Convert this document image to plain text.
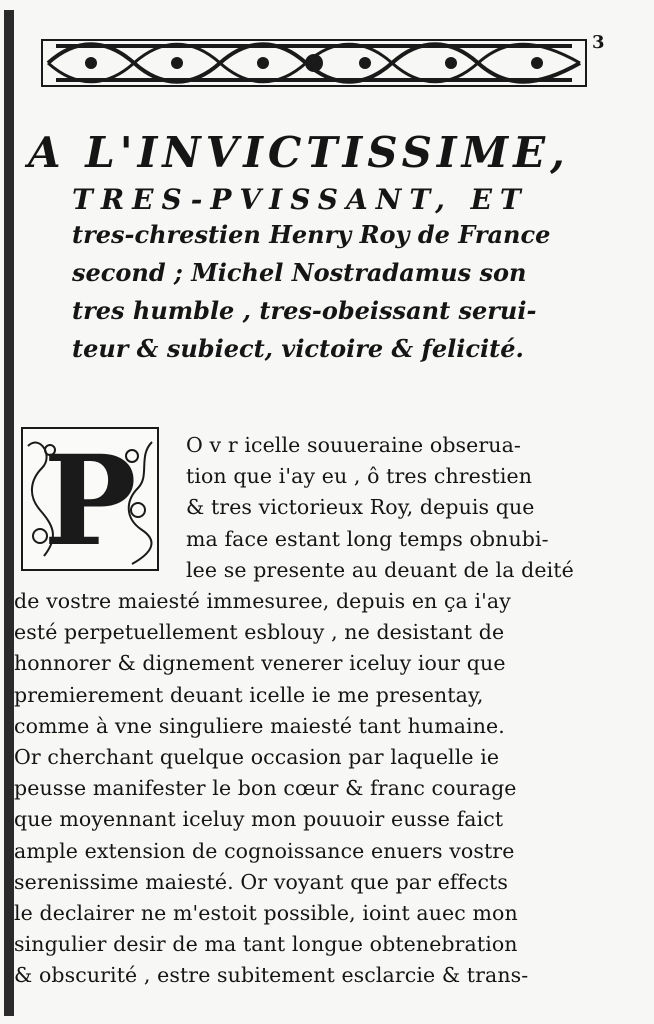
3
A L'INVICTISSIME,
TRES-PVISSANT, ET
tres-chrestien Henry Roy de France
second ; Michel Nostradamus son
tres humble , tres-obeissant serui-
teur & subiect, victoire & felicité.
P	O v r icelle souueraine obserua-
tion que i'ay eu , ô tres chrestien
& tres victorieux Roy, depuis que
ma face estant long temps obnubi-
lee se presente au deuant de la deité
de vostre maiesté immesuree, depuis en ça i'ay
esté perpetuellement esblouy , ne desistant de
honnorer & dignement venerer iceluy iour que
premierement deuant icelle ie me presentay,
comme à vne singuliere maiesté tant humaine.
Or cherchant quelque occasion par laquelle ie
peusse manifester le bon cœur & franc courage
que moyennant iceluy mon pouuoir eusse faict
ample extension de cognoissance enuers vostre
serenissime maiesté. Or voyant que par effects
le declairer ne m'estoit possible, ioint auec mon
singulier desir de ma tant longue obtenebration
& obscurité , estre subitement esclarcie & trans-
